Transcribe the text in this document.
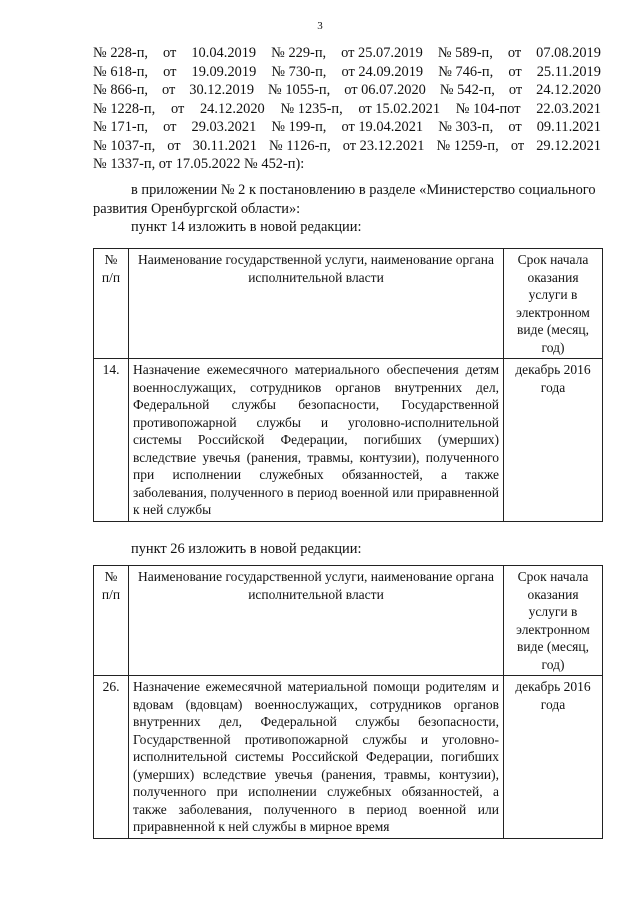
3
№ 228-п, от 10.04.2019 № 229-п, от 25.07.2019 № 589-п, от 07.08.2019
№ 618-п, от 19.09.2019 № 730-п, от 24.09.2019 № 746-п, от 25.11.2019
№ 866-п, от 30.12.2019 № 1055-п, от 06.07.2020 № 542-п, от 24.12.2020
№ 1228-п, от 24.12.2020 № 1235-п, от 15.02.2021 № 104-пот 22.03.2021
№ 171-п, от 29.03.2021 № 199-п, от 19.04.2021 № 303-п, от 09.11.2021
№ 1037-п, от 30.11.2021 № 1126-п, от 23.12.2021 № 1259-п, от 29.12.2021
№ 1337-п, от 17.05.2022 № 452-п):
в приложении № 2 к постановлению в разделе «Министерство социального развития Оренбургской области»:
пункт 14 изложить в новой редакции:
№ п/п	Наименование государственной услуги, наименование органа исполнительной власти	Срок начала оказания услуги в электронном виде (месяц, год)
14.	Назначение ежемесячного материального обеспечения детям военнослужащих, сотрудников органов внутренних дел, Федеральной службы безопасности, Государственной противопожарной службы и уголовно-исполнительной системы Российской Федерации, погибших (умерших) вследствие увечья (ранения, травмы, контузии), полученного при исполнении служебных обязанностей, а также заболевания, полученного в период военной или приравненной к ней службы	декабрь 2016 года
пункт 26 изложить в новой редакции:
№ п/п	Наименование государственной услуги, наименование органа исполнительной власти	Срок начала оказания услуги в электронном виде (месяц, год)
26.	Назначение ежемесячной материальной помощи родителям и вдовам (вдовцам) военнослужащих, сотрудников органов внутренних дел, Федеральной службы безопасности, Государственной противопожарной службы и уголовно-исполнительной системы Российской Федерации, погибших (умерших) вследствие увечья (ранения, травмы, контузии), полученного при исполнении служебных обязанностей, а также заболевания, полученного в период военной или приравненной к ней службы в мирное время	декабрь 2016 года
